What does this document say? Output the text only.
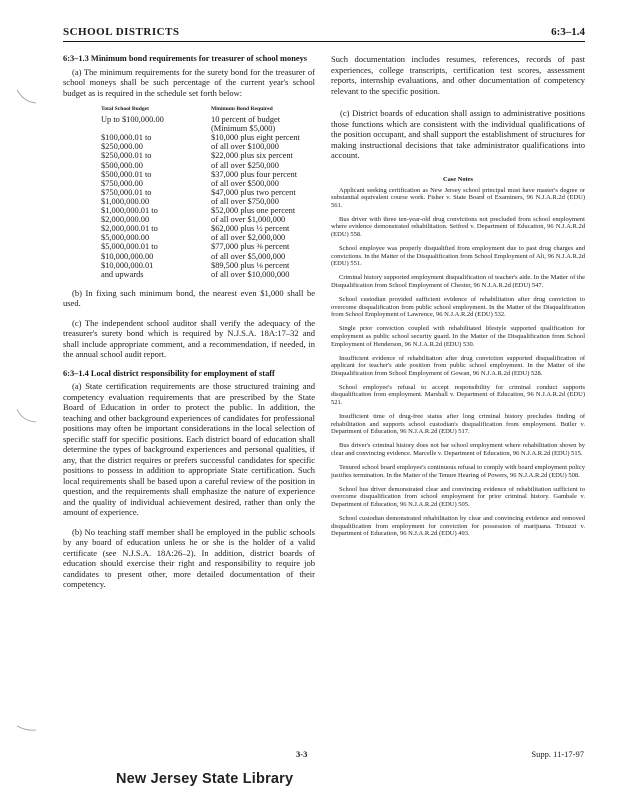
SCHOOL DISTRICTS	6:3–1.4

6:3–1.3 Minimum bond requirements for treasurer of school moneys

(a) The minimum requirements for the surety bond for the treasurer of school moneys shall be such percentage of the current year's school budget as is required in the schedule set forth below:

Total School Budget	Minimum Bond Required
Up to $100,000.00	10 percent of budget
	(Minimum $5,000)
$100,000.01 to	$10,000 plus eight percent
$250,000.00	of all over $100,000
$250,000.01 to	$22,000 plus six percent
$500,000.00	of all over $250,000
$500,000.01 to	$37,000 plus four percent
$750,000.00	of all over $500,000
$750,000.01 to	$47,000 plus two percent
$1,000,000.00	of all over $750,000
$1,000,000.01 to	$52,000 plus one percent
$2,000,000.00	of all over $1,000,000
$2,000,000.01 to	$62,000 plus ½ percent
$5,000,000.00	of all over $2,000,000
$5,000,000.01 to	$77,000 plus ⅜ percent
$10,000,000.00	of all over $5,000,000
$10,000,000.01	$89,500 plus ⅛ percent
and upwards	of all over $10,000,000

(b) In fixing such minimum bond, the nearest even $1,000 shall be used.

(c) The independent school auditor shall verify the adequacy of the treasurer's surety bond which is required by N.J.S.A. 18A:17–32 and shall include appropriate comment, and a recommendation, if needed, in the annual school audit report.

6:3–1.4 Local district responsibility for employment of staff

(a) State certification requirements are those structured training and competency evaluation requirements that are prescribed by the State Board of Education in order to protect the public. In addition, the teaching and other background experiences of candidates for professional positions may often be important considerations in the local selection of specific staff for specific positions. Each district board of education shall determine the types of background experiences and personal qualities, if any, that the district requires or prefers successful candidates for specific positions to possess in addition to appropriate State certification. Such local requirements shall be based upon a careful review of the position in question, and the requirements shall emphasize the nature of experience and the quality of individual achievement desired, rather than only the amount of experience.

(b) No teaching staff member shall be employed in the public schools by any board of education unless he or she is the holder of a valid certificate (see N.J.S.A. 18A:26–2). In addition, district boards of education should exercise their right and responsibility to require job candidates to present other, more detailed documentation of their competency.

Such documentation includes resumes, references, records of past experiences, college transcripts, certification test scores, assessment reports, internship evaluations, and other documentation of competency relevant to the specific position.

(c) District boards of education shall assign to administrative positions those functions which are consistent with the individual qualifications of the position occupant, and shall support the establishment of structures for making instructional decisions that take administrator qualifications into account.

Case Notes

Applicant seeking certification as New Jersey school principal must have master's degree or substantial equivalent course work. Fisher v. State Board of Examiners, 96 N.J.A.R.2d (EDU) 561.

Bus driver with three ten-year-old drug convictions not precluded from school employment where evidence demonstrated rehabilitation. Seifred v. Department of Education, 96 N.J.A.R.2d (EDU) 558.

School employee was properly disqualified from employment due to past drug charges and convictions. In the Matter of the Disqualification from School Employment of Ali, 96 N.J.A.R.2d (EDU) 551.

Criminal history supported employment disqualification of teacher's aide. In the Matter of the Disqualification from School Employment of Chester, 96 N.J.A.R.2d (EDU) 547.

School custodian provided sufficient evidence of rehabilitation after drug conviction to overcome disqualification from public school employment. In the Matter of the Disqualification from School Employment of Lawrence, 96 N.J.A.R.2d (EDU) 532.

Single prior conviction coupled with rehabilitated lifestyle supported qualification for employment as public school security guard. In the Matter of the Disqualification from School Employment of Henderson, 96 N.J.A.R.2d (EDU) 530.

Insufficient evidence of rehabilitation after drug conviction supported disqualification of applicant for teacher's aide position from public school employment. In the Matter of the Disqualification from School Employment of Gowan, 96 N.J.A.R.2d (EDU) 528.

School employee's refusal to accept responsibility for criminal conduct supports disqualification from employment. Marshall v. Department of Education, 96 N.J.A.R.2d (EDU) 521.

Insufficient time of drug-free status after long criminal history precludes finding of rehabilitation and supports school custodian's disqualification from employment. Butler v. Department of Education, 96 N.J.A.R.2d (EDU) 517.

Bus driver's criminal history does not bar school employment where rehabilitation shown by clear and convincing evidence. Marcelle v. Department of Education, 96 N.J.A.R.2d (EDU) 515.

Tenured school board employee's continuous refusal to comply with board employment policy justifies termination. In the Matter of the Tenure Hearing of Powers, 96 N.J.A.R.2d (EDU) 508.

School bus driver demonstrated clear and convincing evidence of rehabilitation sufficient to overcome disqualification from school employment for prior criminal history. Gambale v. Department of Education, 96 N.J.A.R.2d (EDU) 505.

School custodian demonstrated rehabilitation by clear and convincing evidence and removed disqualification from employment for conviction for possession of marijuana. Trisuzzi v. Department of Education, 96 N.J.A.R.2d (EDU) 493.

3-3	Supp. 11-17-97
New Jersey State Library
